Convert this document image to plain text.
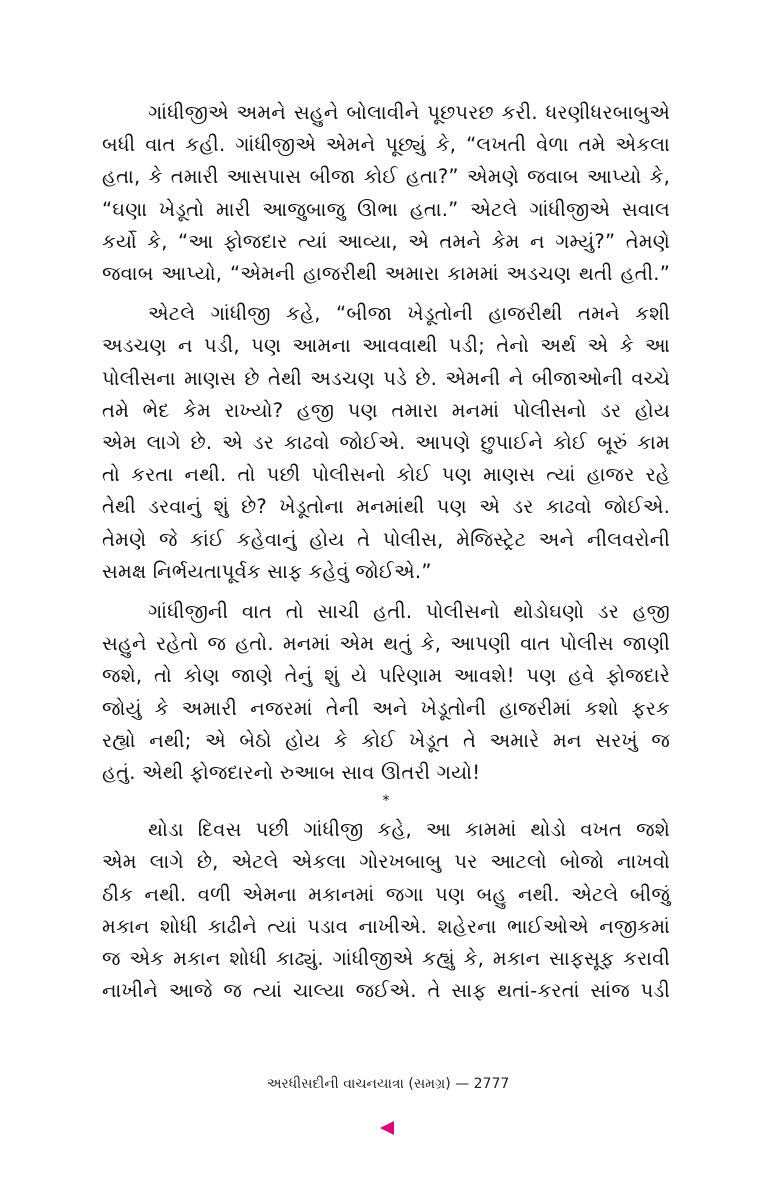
ગાંધીજીએ અમને સહુને બોલાવીને પૂછપરછ કરી. ધરણીધરબાબુએ
બધી વાત કહી. ગાંધીજીએ એમને પૂછ્યું કે, “લખતી વેળા તમે એકલા
હતા, કે તમારી આસપાસ બીજા કોઈ હતા?” એમણે જવાબ આપ્યો કે,
“ઘણા ખેડૂતો મારી આજુબાજુ ઊભા હતા.” એટલે ગાંધીજીએ સવાલ
કર્યો કે, “આ ફોજદાર ત્યાં આવ્યા, એ તમને કેમ ન ગમ્યું?” તેમણે
જવાબ આપ્યો, “એમની હાજરીથી અમારા કામમાં અડચણ થતી હતી.”
એટલે ગાંધીજી કહે, “બીજા ખેડૂતોની હાજરીથી તમને કશી
અડચણ ન પડી, પણ આમના આવવાથી પડી; તેનો અર્થ એ કે આ
પોલીસના માણસ છે તેથી અડચણ પડે છે. એમની ને બીજાઓની વચ્ચે
તમે ભેદ કેમ રાખ્યો? હજી પણ તમારા મનમાં પોલીસનો ડર હોય
એમ લાગે છે. એ ડર કાઢવો જોઈએ. આપણે છુપાઈને કોઈ બૂરું કામ
તો કરતા નથી. તો પછી પોલીસનો કોઈ પણ માણસ ત્યાં હાજર રહે
તેથી ડરવાનું શું છે? ખેડૂતોના મનમાંથી પણ એ ડર કાઢવો જોઈએ.
તેમણે જે કાંઈ કહેવાનું હોય તે પોલીસ, મેજિસ્ટ્રેટ અને નીલવરોની
સમક્ષ નિર્ભયતાપૂર્વક સાફ કહેવું જોઈએ.”
ગાંધીજીની વાત તો સાચી હતી. પોલીસનો થોડોઘણો ડર હજી
સહુને રહેતો જ હતો. મનમાં એમ થતું કે, આપણી વાત પોલીસ જાણી
જશે, તો કોણ જાણે તેનું શું યે પરિણામ આવશે! પણ હવે ફોજદારે
જોયું કે અમારી નજરમાં તેની અને ખેડૂતોની હાજરીમાં કશો ફરક
રહ્યો નથી; એ બેઠો હોય કે કોઈ ખેડૂત તે અમારે મન સરખું જ
હતું. એથી ફોજદારનો રુઆબ સાવ ઊતરી ગયો!
*
થોડા દિવસ પછી ગાંધીજી કહે, આ કામમાં થોડો વખત જશે
એમ લાગે છે, એટલે એકલા ગોરખબાબુ પર આટલો બોજો નાખવો
ઠીક નથી. વળી એમના મકાનમાં જગા પણ બહુ નથી. એટલે બીજું
મકાન શોધી કાઢીને ત્યાં પડાવ નાખીએ. શહેરના ભાઈઓએ નજીકમાં
જ એક મકાન શોધી કાઢ્યું. ગાંધીજીએ કહ્યું કે, મકાન સાફસૂફ કરાવી
નાખીને આજે જ ત્યાં ચાલ્યા જઈએ. તે સાફ થતાં-કરતાં સાંજ પડી
અરધીસદીની વાચનયાત્રા (સમગ્ર) — 2777
